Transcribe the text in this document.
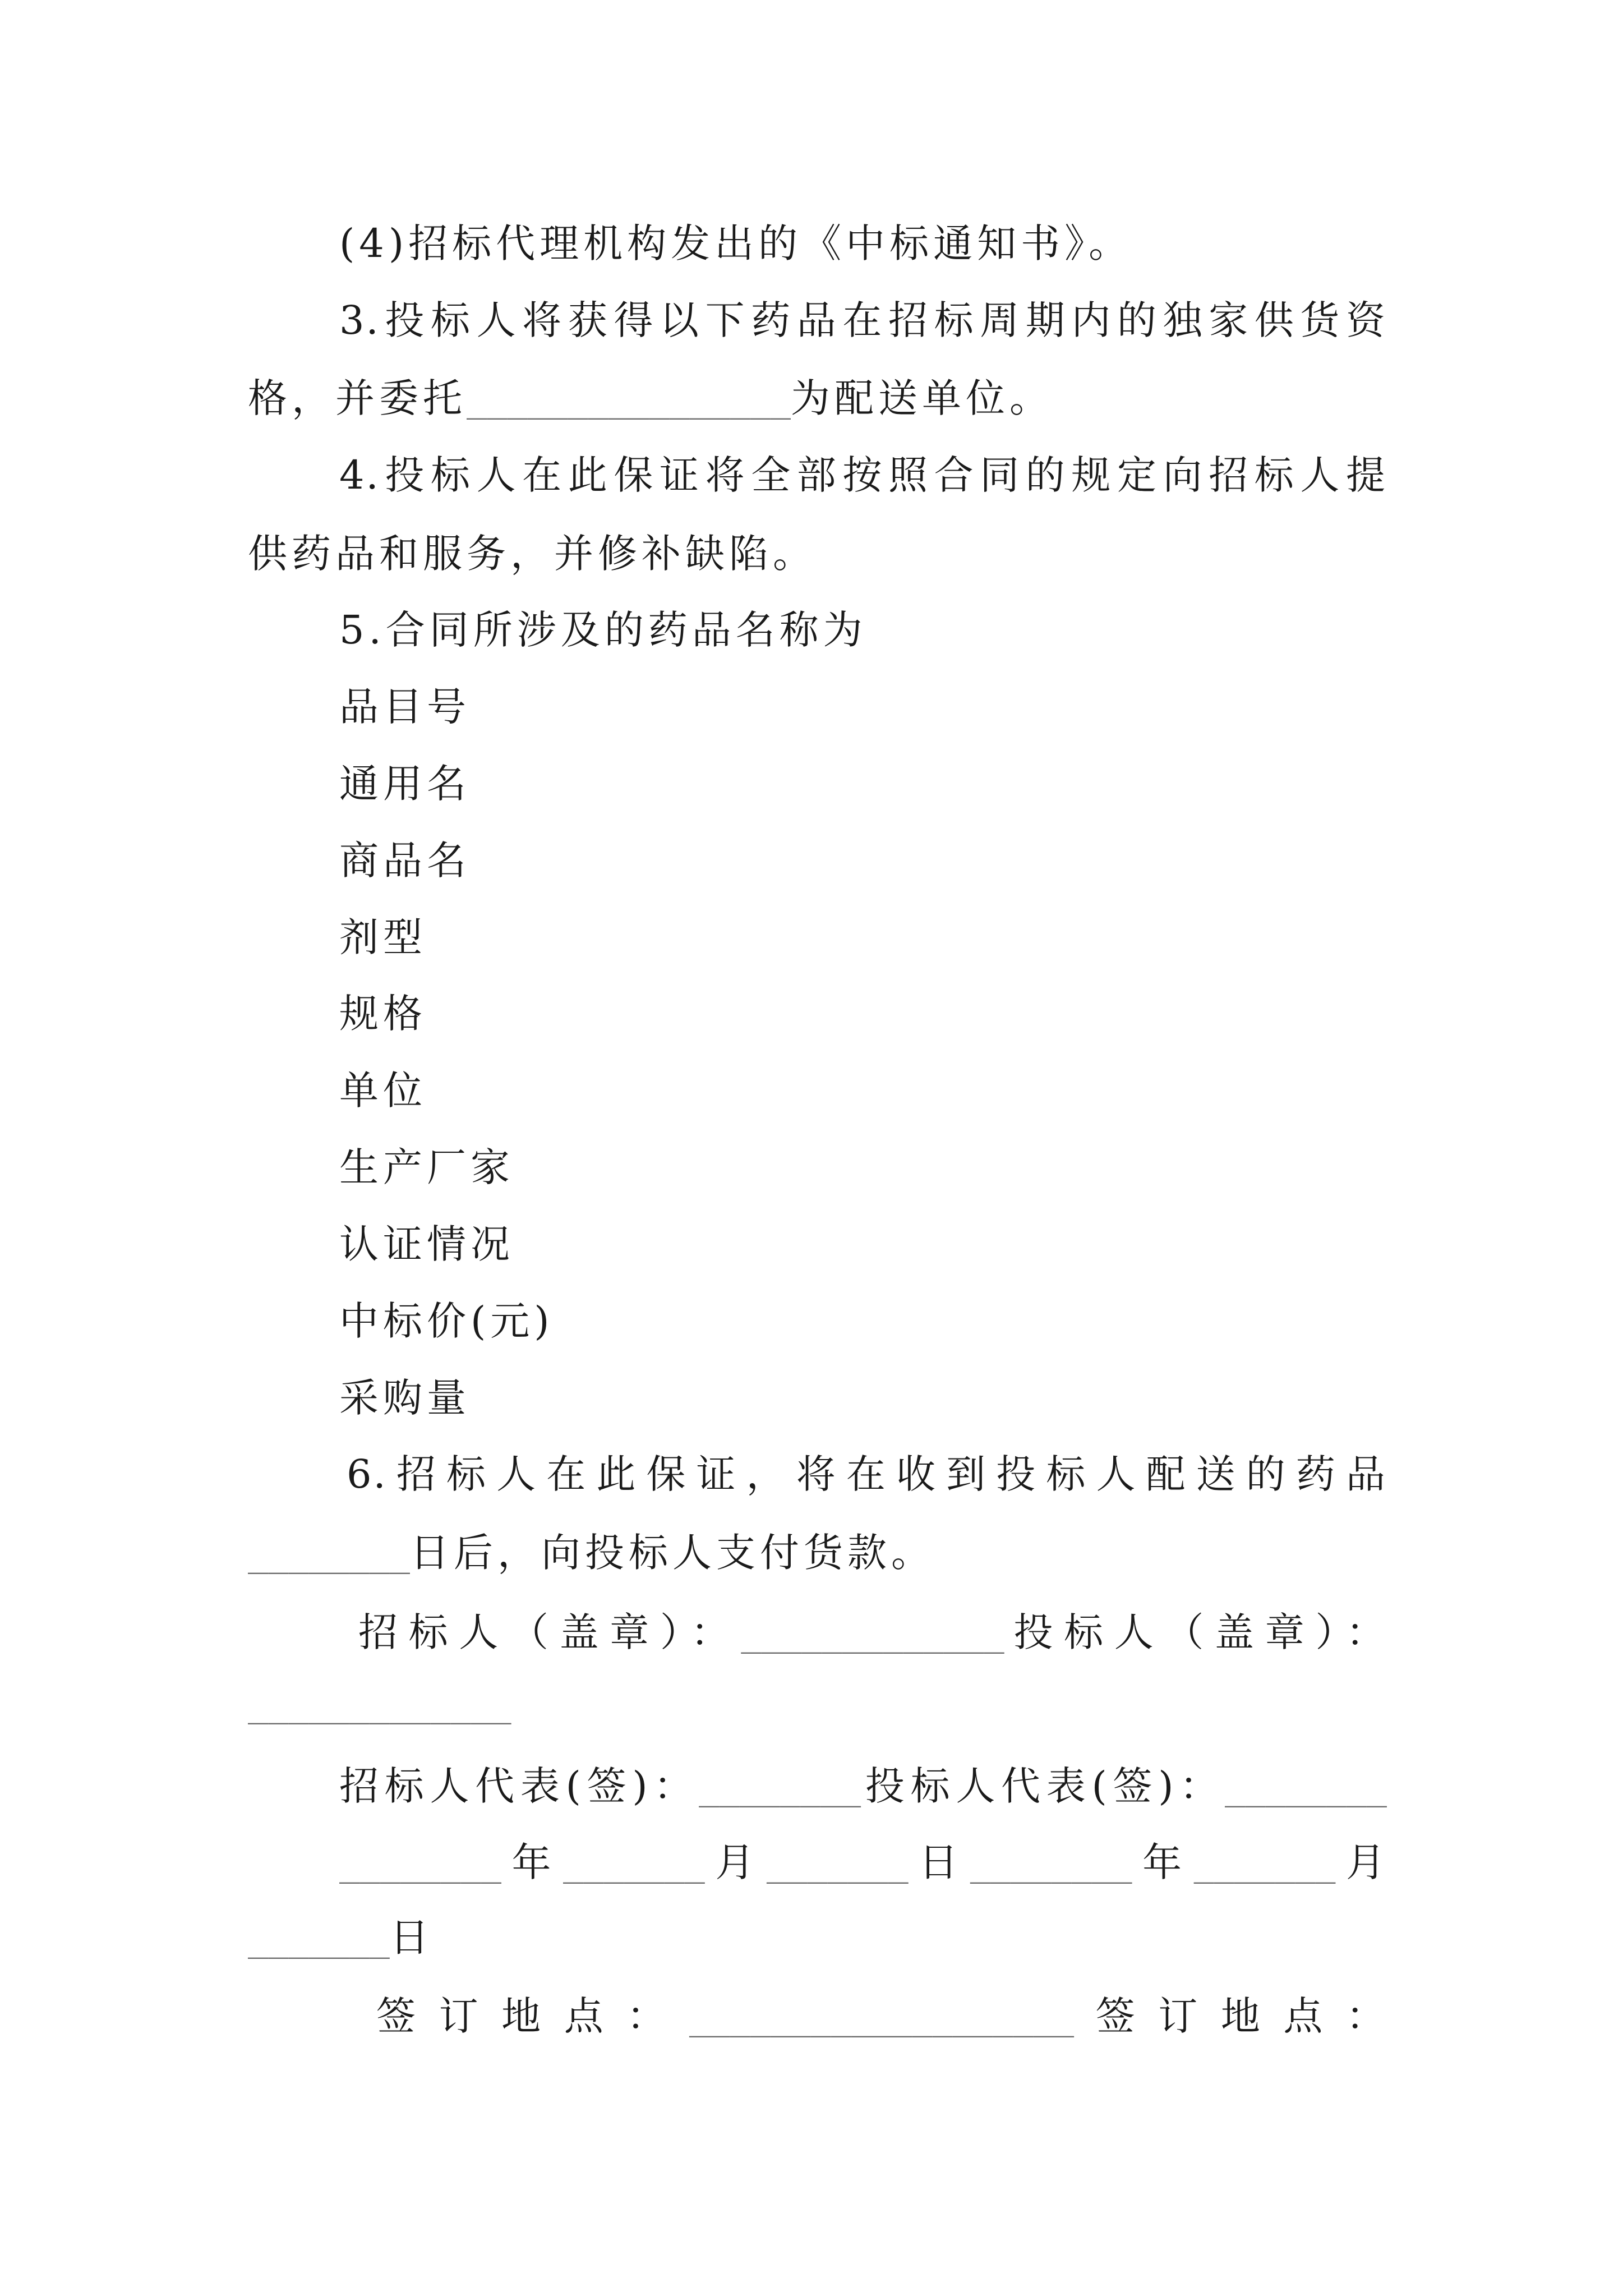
(4)招标代理机构发出的《中标通知书》。
3.投标人将获得以下药品在招标周期内的独家供货资
格，并委托________________为配送单位。
4.投标人在此保证将全部按照合同的规定向招标人提
供药品和服务，并修补缺陷。
5.合同所涉及的药品名称为
品目号
通用名
商品名
剂型
规格
单位
生产厂家
认证情况
中标价(元)
采购量
6.招标人在此保证，将在收到投标人配送的药品
________日后，向投标人支付货款。
招标人（盖章）：_____________投标人（盖章）：
_____________
招标人代表(签)：________投标人代表(签)：________
________年_______月_______日________年_______月
_______日
签订地点：___________________签订地点：
